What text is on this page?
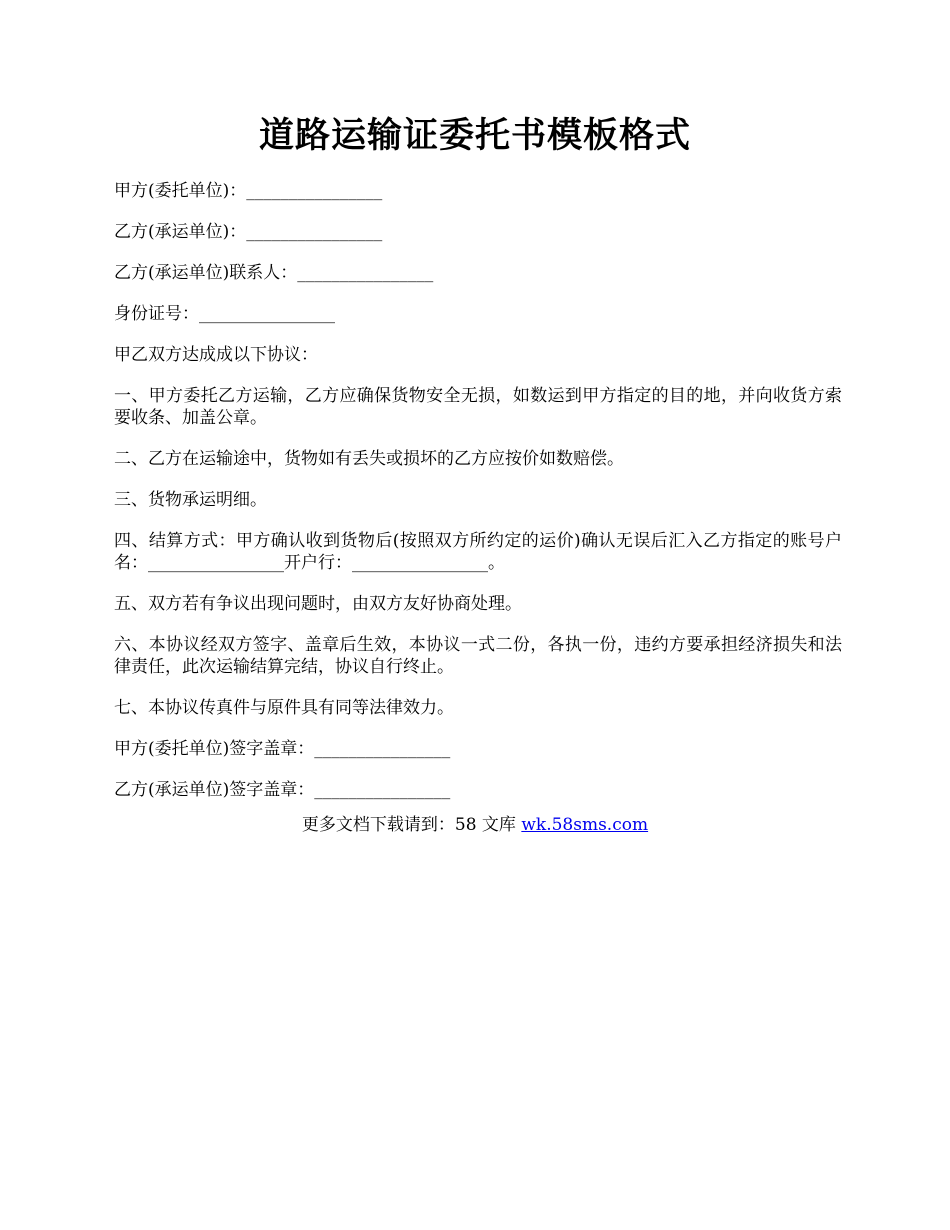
道路运输证委托书模板格式

甲方(委托单位)：________________

乙方(承运单位)：________________

乙方(承运单位)联系人：________________

身份证号：________________

甲乙双方达成成以下协议：

一、甲方委托乙方运输，乙方应确保货物安全无损，如数运到甲方指定的目的地，并向收货方索要收条、加盖公章。

二、乙方在运输途中，货物如有丢失或损坏的乙方应按价如数赔偿。

三、货物承运明细。

四、结算方式：甲方确认收到货物后(按照双方所约定的运价)确认无误后汇入乙方指定的账号户名：________________开户行：________________。

五、双方若有争议出现问题时，由双方友好协商处理。

六、本协议经双方签字、盖章后生效，本协议一式二份，各执一份，违约方要承担经济损失和法律责任，此次运输结算完结，协议自行终止。

七、本协议传真件与原件具有同等法律效力。

甲方(委托单位)签字盖章：________________

乙方(承运单位)签字盖章：________________

更多文档下载请到：58 文库 wk.58sms.com
